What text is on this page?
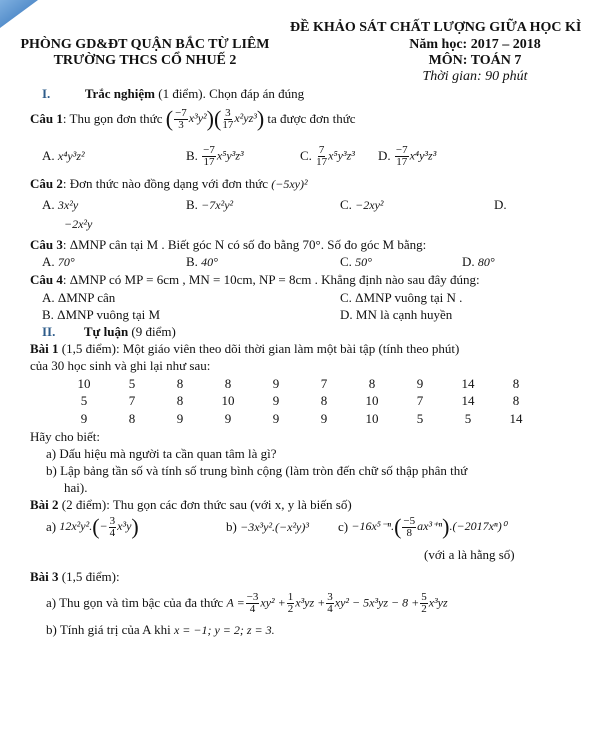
ĐỀ KHẢO SÁT CHẤT LƯỢNG GIỮA HỌC KÌ
PHÒNG GD&ĐT QUẬN BẮC TỪ LIÊM
TRƯỜNG THCS CỔ NHUẾ 2
Năm học: 2017 – 2018
MÔN: TOÁN 7
Thời gian: 90 phút
I.	Trắc nghiệm (1 điểm). Chọn đáp án đúng
Câu 1 : Thu gọn đơn thức
( $\frac{-7}{3} x^3y^2)( \frac{3}{17} x^2yz^3)$
ta được đơn thức
A.
x⁴y³z²	B.
$\frac{-7}{17} x^5y^3z^3$	C.
$\frac{7}{17} x^5y^3z^3$ D.
$\frac{-7}{17} x^4y^3z^3$
Câu 2: Đơn thức nào đồng dạng với đơn thức (−5xy)²
A. 3x²y	B. −7x²y²	C. −2xy²	D.
−2x²y
Câu 3: ΔMNP cân tại M . Biết góc N có số đo bằng 70°. Số đo góc M bằng:
A. 70°	B. 40°	C. 50°	D. 80°
Câu 4: ΔMNP có MP = 6cm , MN = 10cm, NP = 8cm . Khẳng định nào sau đây đúng:
A. ΔMNP cân	C. ΔMNP vuông tại N .
B. ΔMNP vuông tại M	D. MN là cạnh huyền
II. Tự luận (9 điểm)
Bài 1 (1,5 điểm): Một giáo viên theo dõi thời gian làm một bài tập (tính theo phút)
của 30 học sinh và ghi lại như sau:
10	5	8	8	9	7	8	9	14	8
5	7	8	10	9	8	10	7	14	8
9	8	9	9	9	9	10	5	5	14
Hãy cho biết:
a) Dấu hiệu mà người ta cần quan tâm là gì?
b) Lập bảng tần số và tính số trung bình cộng (làm tròn đến chữ số thập phân thứ
hai).
Bài 2 (2 điểm): Thu gọn các đơn thức sau (với x, y là biến số)
a)
$12x^2y^2.(- \frac{3}{4} x^3y)$	b)
−3x³y².(−x²y)³ c)
$-16x^{5-n}.( \frac{-5}{8} ax^{3+n}).(-2017x^n)^0$
(với a là hằng số)
Bài 3 (1,5 điểm):
a) Thu gọn và tìm bậc của đa thức
$A = \frac{-3}{4} xy^2 + \frac{1}{2} x^3yz + \frac{3}{4} xy^2 - 5x^3yz - 8 + \frac{5}{2} x^3yz$
b) Tính giá trị của A khi x = −1; y = 2; z = 3.
